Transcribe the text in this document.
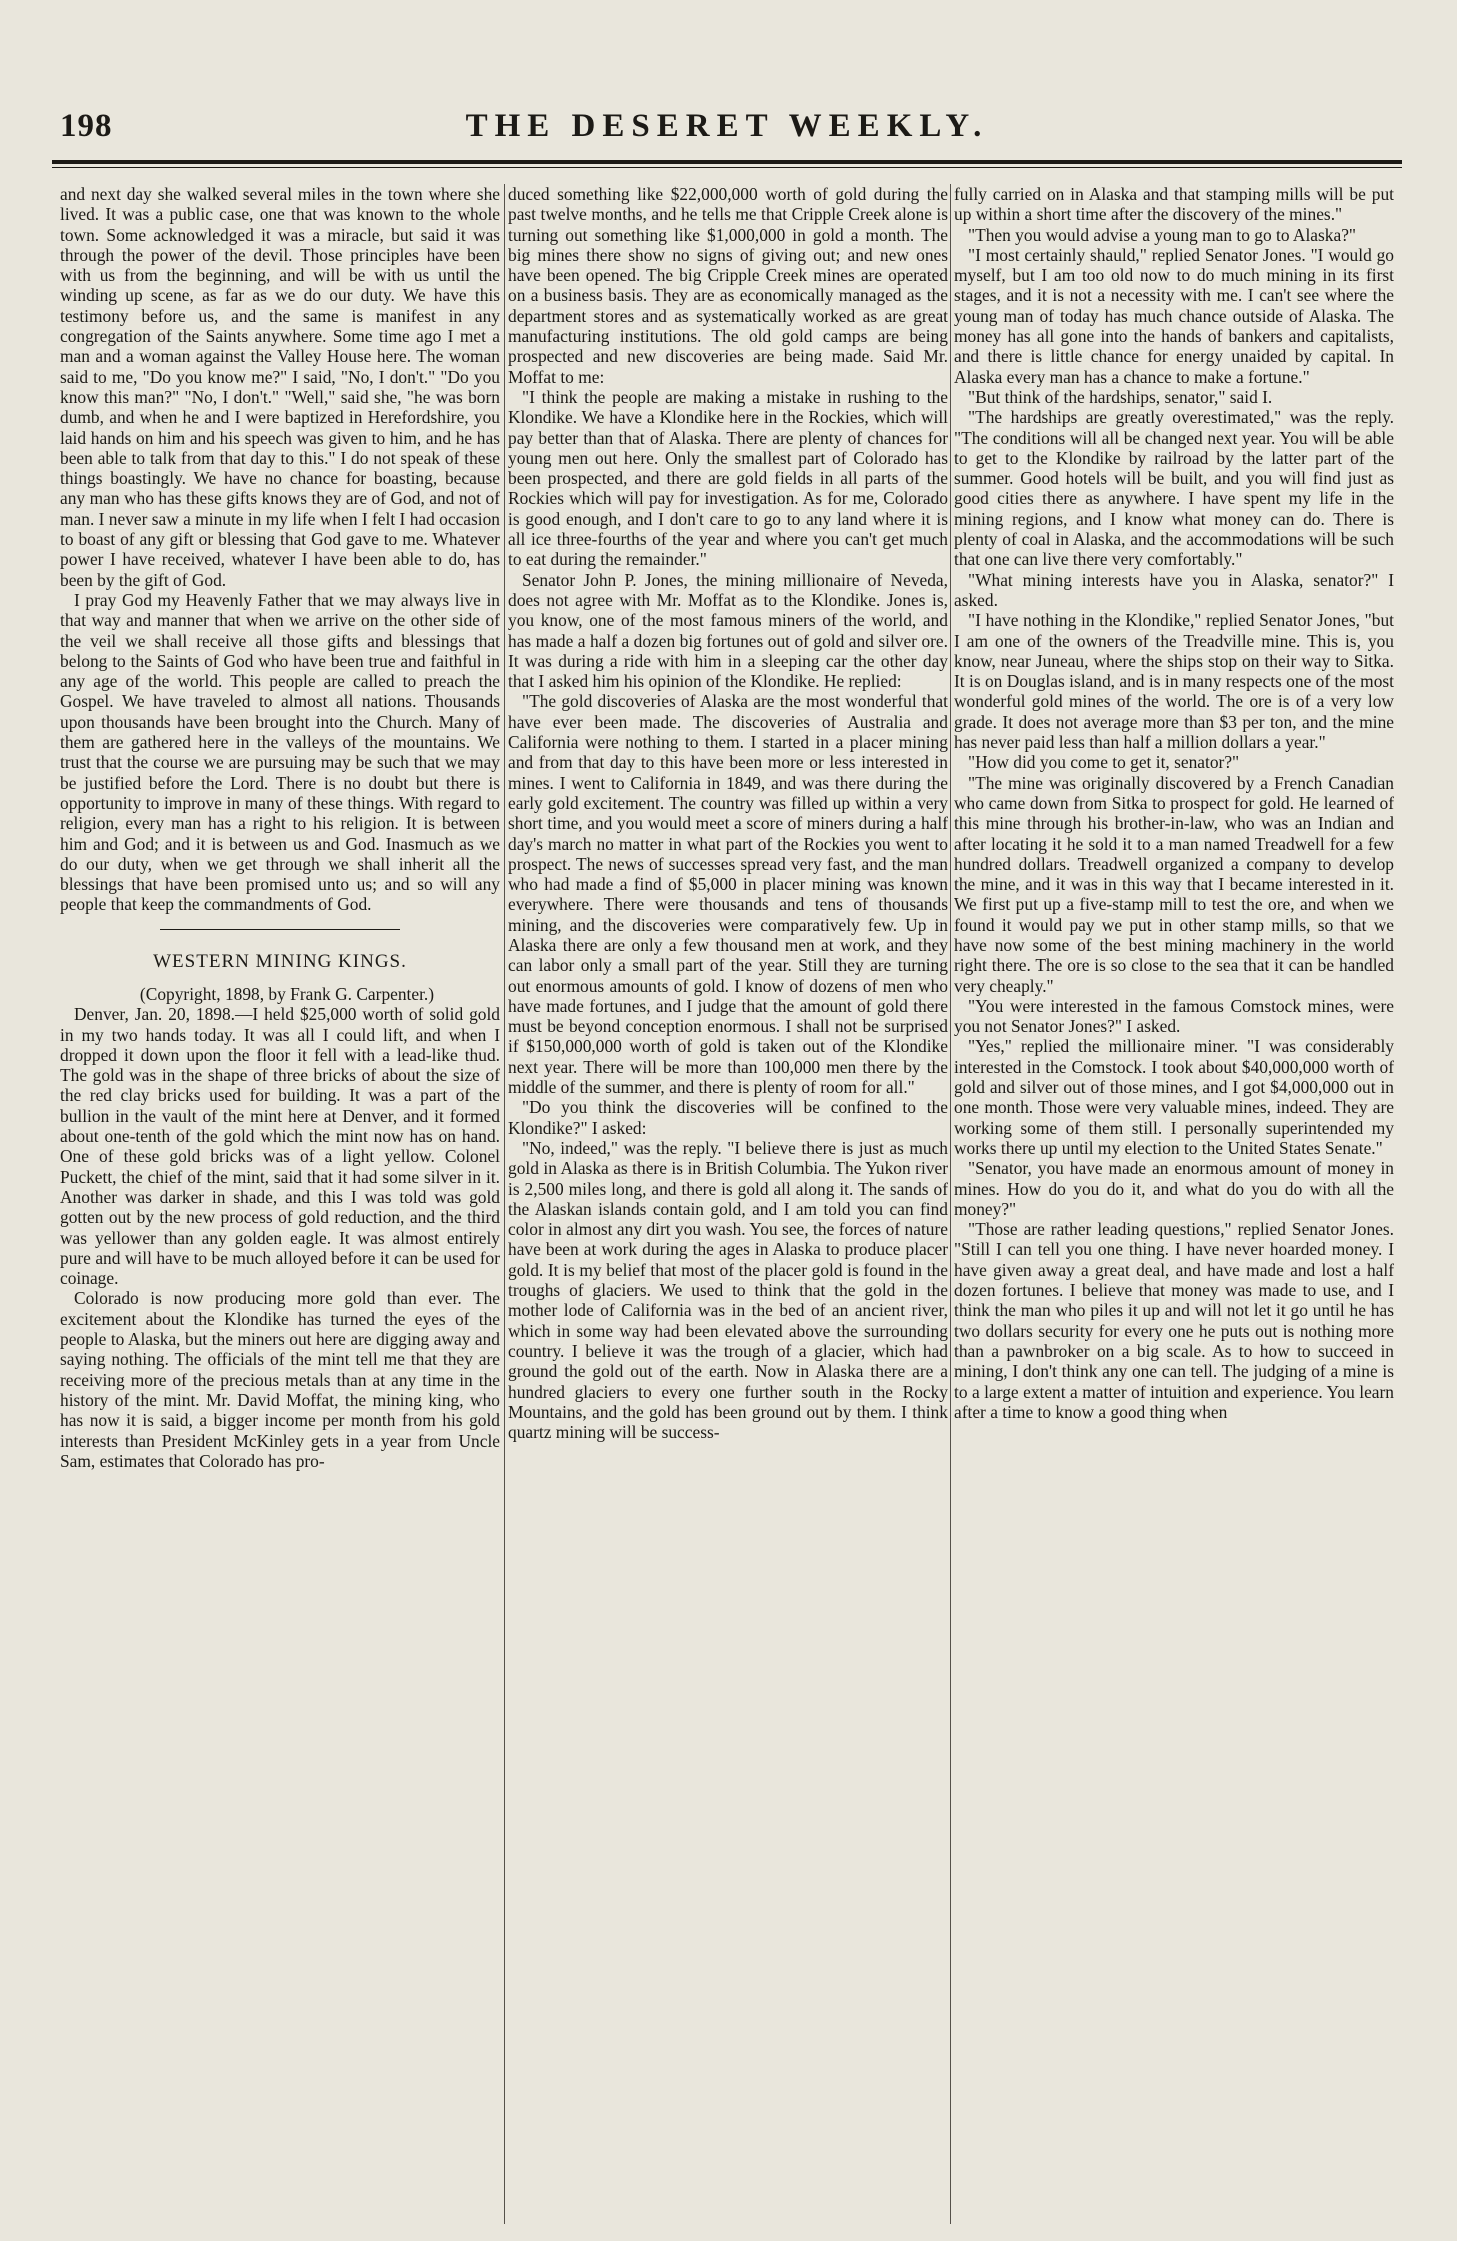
198	THE DESERET WEEKLY.

and next day she walked several miles in the town where she lived. It was a public case, one that was known to the whole town. Some acknowledged it was a miracle, but said it was through the power of the devil. Those principles have been with us from the beginning, and will be with us until the winding up scene, as far as we do our duty. We have this testimony before us, and the same is manifest in any congregation of the Saints anywhere. Some time ago I met a man and a woman against the Valley House here. The woman said to me, "Do you know me?" I said, "No, I don't." "Do you know this man?" "No, I don't." "Well," said she, "he was born dumb, and when he and I were baptized in Herefordshire, you laid hands on him and his speech was given to him, and he has been able to talk from that day to this." I do not speak of these things boastingly. We have no chance for boasting, because any man who has these gifts knows they are of God, and not of man. I never saw a minute in my life when I felt I had occasion to boast of any gift or blessing that God gave to me. Whatever power I have received, whatever I have been able to do, has been by the gift of God.

I pray God my Heavenly Father that we may always live in that way and manner that when we arrive on the other side of the veil we shall receive all those gifts and blessings that belong to the Saints of God who have been true and faithful in any age of the world. This people are called to preach the Gospel. We have traveled to almost all nations. Thousands upon thousands have been brought into the Church. Many of them are gathered here in the valleys of the mountains. We trust that the course we are pursuing may be such that we may be justified before the Lord. There is no doubt but there is opportunity to improve in many of these things. With regard to religion, every man has a right to his religion. It is between him and God; and it is between us and God. Inasmuch as we do our duty, when we get through we shall inherit all the blessings that have been promised unto us; and so will any people that keep the commandments of God.

WESTERN MINING KINGS.

(Copyright, 1898, by Frank G. Carpenter.)

Denver, Jan. 20, 1898.—I held $25,000 worth of solid gold in my two hands today. It was all I could lift, and when I dropped it down upon the floor it fell with a lead-like thud. The gold was in the shape of three bricks of about the size of the red clay bricks used for building. It was a part of the bullion in the vault of the mint here at Denver, and it formed about one-tenth of the gold which the mint now has on hand. One of these gold bricks was of a light yellow. Colonel Puckett, the chief of the mint, said that it had some silver in it. Another was darker in shade, and this I was told was gold gotten out by the new process of gold reduction, and the third was yellower than any golden eagle. It was almost entirely pure and will have to be much alloyed before it can be used for coinage.

Colorado is now producing more gold than ever. The excitement about the Klondike has turned the eyes of the people to Alaska, but the miners out here are digging away and saying nothing. The officials of the mint tell me that they are receiving more of the precious metals than at any time in the history of the mint. Mr. David Moffat, the mining king, who has now it is said, a bigger income per month from his gold interests than President McKinley gets in a year from Uncle Sam, estimates that Colorado has pro-

duced something like $22,000,000 worth of gold during the past twelve months, and he tells me that Cripple Creek alone is turning out something like $1,000,000 in gold a month. The big mines there show no signs of giving out; and new ones have been opened. The big Cripple Creek mines are operated on a business basis. They are as economically managed as the department stores and as systematically worked as are great manufacturing institutions. The old gold camps are being prospected and new discoveries are being made. Said Mr. Moffat to me:

"I think the people are making a mistake in rushing to the Klondike. We have a Klondike here in the Rockies, which will pay better than that of Alaska. There are plenty of chances for young men out here. Only the smallest part of Colorado has been prospected, and there are gold fields in all parts of the Rockies which will pay for investigation. As for me, Colorado is good enough, and I don't care to go to any land where it is all ice three-fourths of the year and where you can't get much to eat during the remainder."

Senator John P. Jones, the mining millionaire of Neveda, does not agree with Mr. Moffat as to the Klondike. Jones is, you know, one of the most famous miners of the world, and has made a half a dozen big fortunes out of gold and silver ore. It was during a ride with him in a sleeping car the other day that I asked him his opinion of the Klondike. He replied:

"The gold discoveries of Alaska are the most wonderful that have ever been made. The discoveries of Australia and California were nothing to them. I started in a placer mining and from that day to this have been more or less interested in mines. I went to California in 1849, and was there during the early gold excitement. The country was filled up within a very short time, and you would meet a score of miners during a half day's march no matter in what part of the Rockies you went to prospect. The news of successes spread very fast, and the man who had made a find of $5,000 in placer mining was known everywhere. There were thousands and tens of thousands mining, and the discoveries were comparatively few. Up in Alaska there are only a few thousand men at work, and they can labor only a small part of the year. Still they are turning out enormous amounts of gold. I know of dozens of men who have made fortunes, and I judge that the amount of gold there must be beyond conception enormous. I shall not be surprised if $150,000,000 worth of gold is taken out of the Klondike next year. There will be more than 100,000 men there by the middle of the summer, and there is plenty of room for all."

"Do you think the discoveries will be confined to the Klondike?" I asked:

"No, indeed," was the reply. "I believe there is just as much gold in Alaska as there is in British Columbia. The Yukon river is 2,500 miles long, and there is gold all along it. The sands of the Alaskan islands contain gold, and I am told you can find color in almost any dirt you wash. You see, the forces of nature have been at work during the ages in Alaska to produce placer gold. It is my belief that most of the placer gold is found in the troughs of glaciers. We used to think that the gold in the mother lode of California was in the bed of an ancient river, which in some way had been elevated above the surrounding country. I believe it was the trough of a glacier, which had ground the gold out of the earth. Now in Alaska there are a hundred glaciers to every one further south in the Rocky Mountains, and the gold has been ground out by them. I think quartz mining will be success-

fully carried on in Alaska and that stamping mills will be put up within a short time after the discovery of the mines."

"Then you would advise a young man to go to Alaska?"

"I most certainly shauld," replied Senator Jones. "I would go myself, but I am too old now to do much mining in its first stages, and it is not a necessity with me. I can't see where the young man of today has much chance outside of Alaska. The money has all gone into the hands of bankers and capitalists, and there is little chance for energy unaided by capital. In Alaska every man has a chance to make a fortune."

"But think of the hardships, senator," said I.

"The hardships are greatly overestimated," was the reply. "The conditions will all be changed next year. You will be able to get to the Klondike by railroad by the latter part of the summer. Good hotels will be built, and you will find just as good cities there as anywhere. I have spent my life in the mining regions, and I know what money can do. There is plenty of coal in Alaska, and the accommodations will be such that one can live there very comfortably."

"What mining interests have you in Alaska, senator?" I asked.

"I have nothing in the Klondike," replied Senator Jones, "but I am one of the owners of the Treadville mine. This is, you know, near Juneau, where the ships stop on their way to Sitka. It is on Douglas island, and is in many respects one of the most wonderful gold mines of the world. The ore is of a very low grade. It does not average more than $3 per ton, and the mine has never paid less than half a million dollars a year."

"How did you come to get it, senator?"

"The mine was originally discovered by a French Canadian who came down from Sitka to prospect for gold. He learned of this mine through his brother-in-law, who was an Indian and after locating it he sold it to a man named Treadwell for a few hundred dollars. Treadwell organized a company to develop the mine, and it was in this way that I became interested in it. We first put up a five-stamp mill to test the ore, and when we found it would pay we put in other stamp mills, so that we have now some of the best mining machinery in the world right there. The ore is so close to the sea that it can be handled very cheaply."

"You were interested in the famous Comstock mines, were you not Senator Jones?" I asked.

"Yes," replied the millionaire miner. "I was considerably interested in the Comstock. I took about $40,000,000 worth of gold and silver out of those mines, and I got $4,000,000 out in one month. Those were very valuable mines, indeed. They are working some of them still. I personally superintended my works there up until my election to the United States Senate."

"Senator, you have made an enormous amount of money in mines. How do you do it, and what do you do with all the money?"

"Those are rather leading questions," replied Senator Jones. "Still I can tell you one thing. I have never hoarded money. I have given away a great deal, and have made and lost a half dozen fortunes. I believe that money was made to use, and I think the man who piles it up and will not let it go until he has two dollars security for every one he puts out is nothing more than a pawnbroker on a big scale. As to how to succeed in mining, I don't think any one can tell. The judging of a mine is to a large extent a matter of intuition and experience. You learn after a time to know a good thing when
